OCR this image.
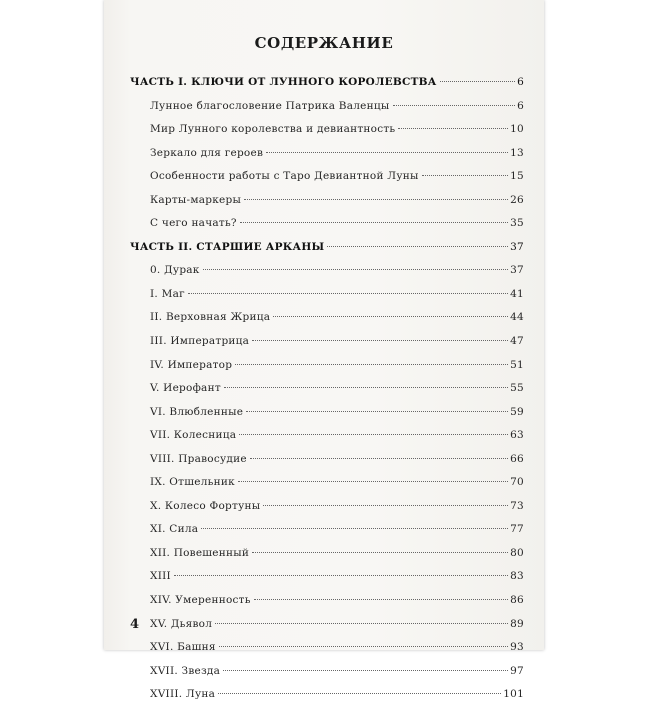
СОДЕРЖАНИЕ
ЧАСТЬ I. КЛЮЧИ ОТ ЛУННОГО КОРОЛЕВСТВА	6
Лунное благословение Патрика Валенцы	6
Мир Лунного королевства и девиантность	10
Зеркало для героев	13
Особенности работы с Таро Девиантной Луны	15
Карты-маркеры	26
С чего начать?	35
ЧАСТЬ II. СТАРШИЕ АРКАНЫ	37
0. Дурак	37
I. Маг	41
II. Верховная Жрица	44
III. Императрица	47
IV. Император	51
V. Иерофант	55
VI. Влюбленные	59
VII. Колесница	63
VIII. Правосудие	66
IX. Отшельник	70
X. Колесо Фортуны	73
XI. Сила	77
XII. Повешенный	80
XIII	83
XIV. Умеренность	86
XV. Дьявол	89
XVI. Башня	93
XVII. Звезда	97
XVIII. Луна	101
4
